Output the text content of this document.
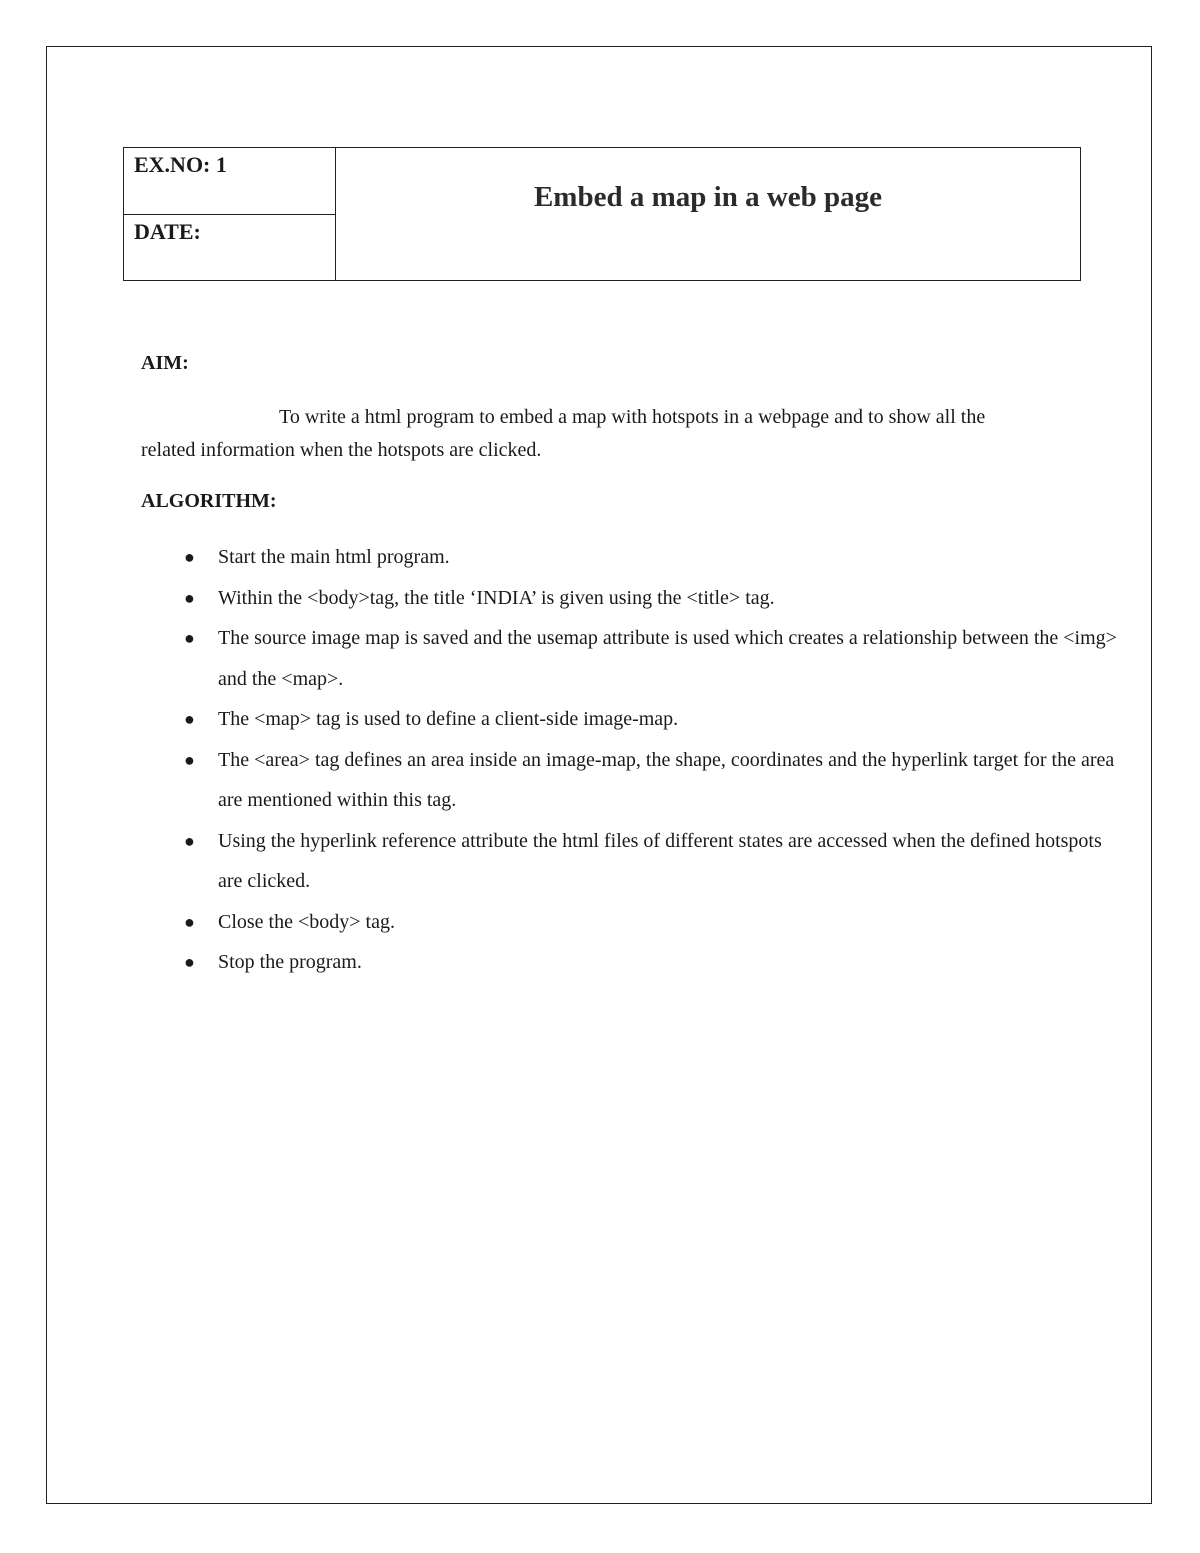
EX.NO: 1
DATE:
Embed a map in a web page
AIM:
To write a html program to embed a map with hotspots in a webpage and to show all the related information when the hotspots are clicked.
ALGORITHM:
● Start the main html program.
● Within the <body>tag, the title ‘INDIA’ is given using the <title> tag.
● The source image map is saved and the usemap attribute is used which creates a relationship between the <img> and the <map>.
● The <map> tag is used to define a client-side image-map.
● The <area> tag defines an area inside an image-map, the shape, coordinates and the hyperlink target for the area are mentioned within this tag.
● Using the hyperlink reference attribute the html files of different states are accessed when the defined hotspots are clicked.
● Close the <body> tag.
● Stop the program.
